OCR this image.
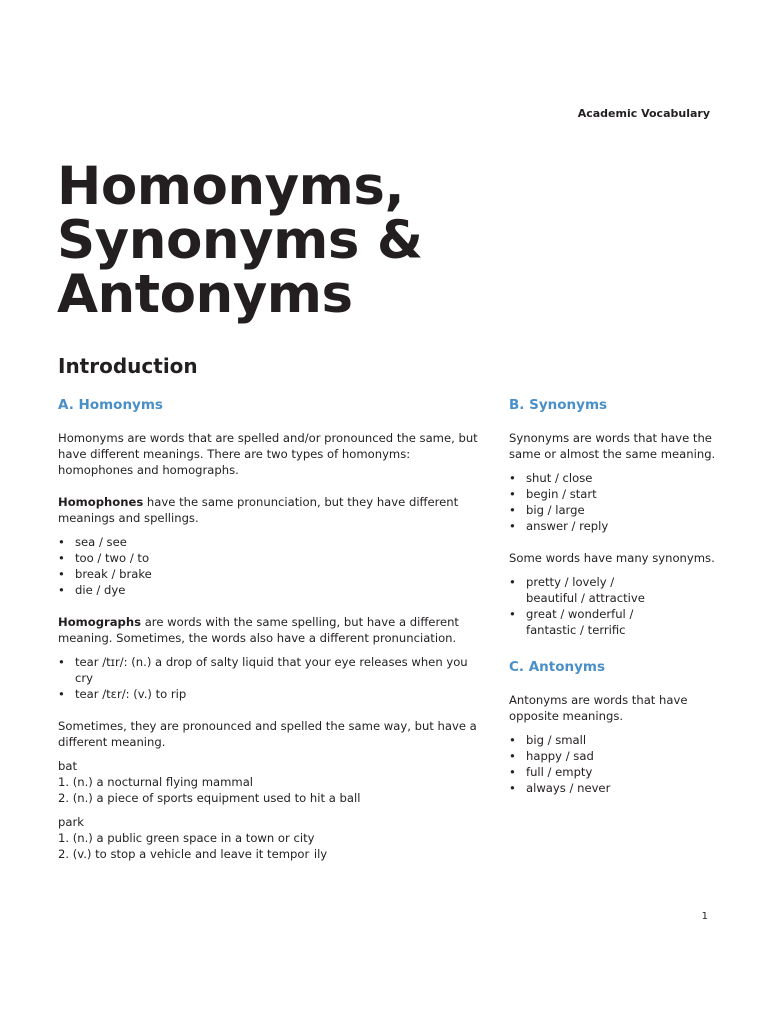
Academic Vocabulary
Homonyms,
Synonyms &
Antonyms
Introduction
A. Homonyms

Homonyms are words that are spelled and/or pronounced the same, but have different meanings. There are two types of homonyms: homophones and homographs.

Homophones have the same pronunciation, but they have different meanings and spellings.

• sea / see
• too / two / to
• break / brake
• die / dye

Homographs are words with the same spelling, but have a different meaning. Sometimes, the words also have a different pronunciation.

• tear /tɪr/: (n.) a drop of salty liquid that your eye releases when you cry
• tear /tɛr/: (v.) to rip

Sometimes, they are pronounced and spelled the same way, but have a different meaning.

bat
1. (n.) a nocturnal flying mammal
2. (n.) a piece of sports equipment used to hit a ball
park
1. (n.) a public green space in a town or city
2. (v.) to stop a vehicle and leave it tempor  ily
B. Synonyms

Synonyms are words that have the same or almost the same meaning.

• shut / close
• begin / start
• big / large
• answer / reply

Some words have many synonyms.

• pretty / lovely /
beautiful / attractive
• great / wonderful /
fantastic / terrific
C. Antonyms

Antonyms are words that have opposite meanings.

• big / small
• happy / sad
• full / empty
• always / never
1
